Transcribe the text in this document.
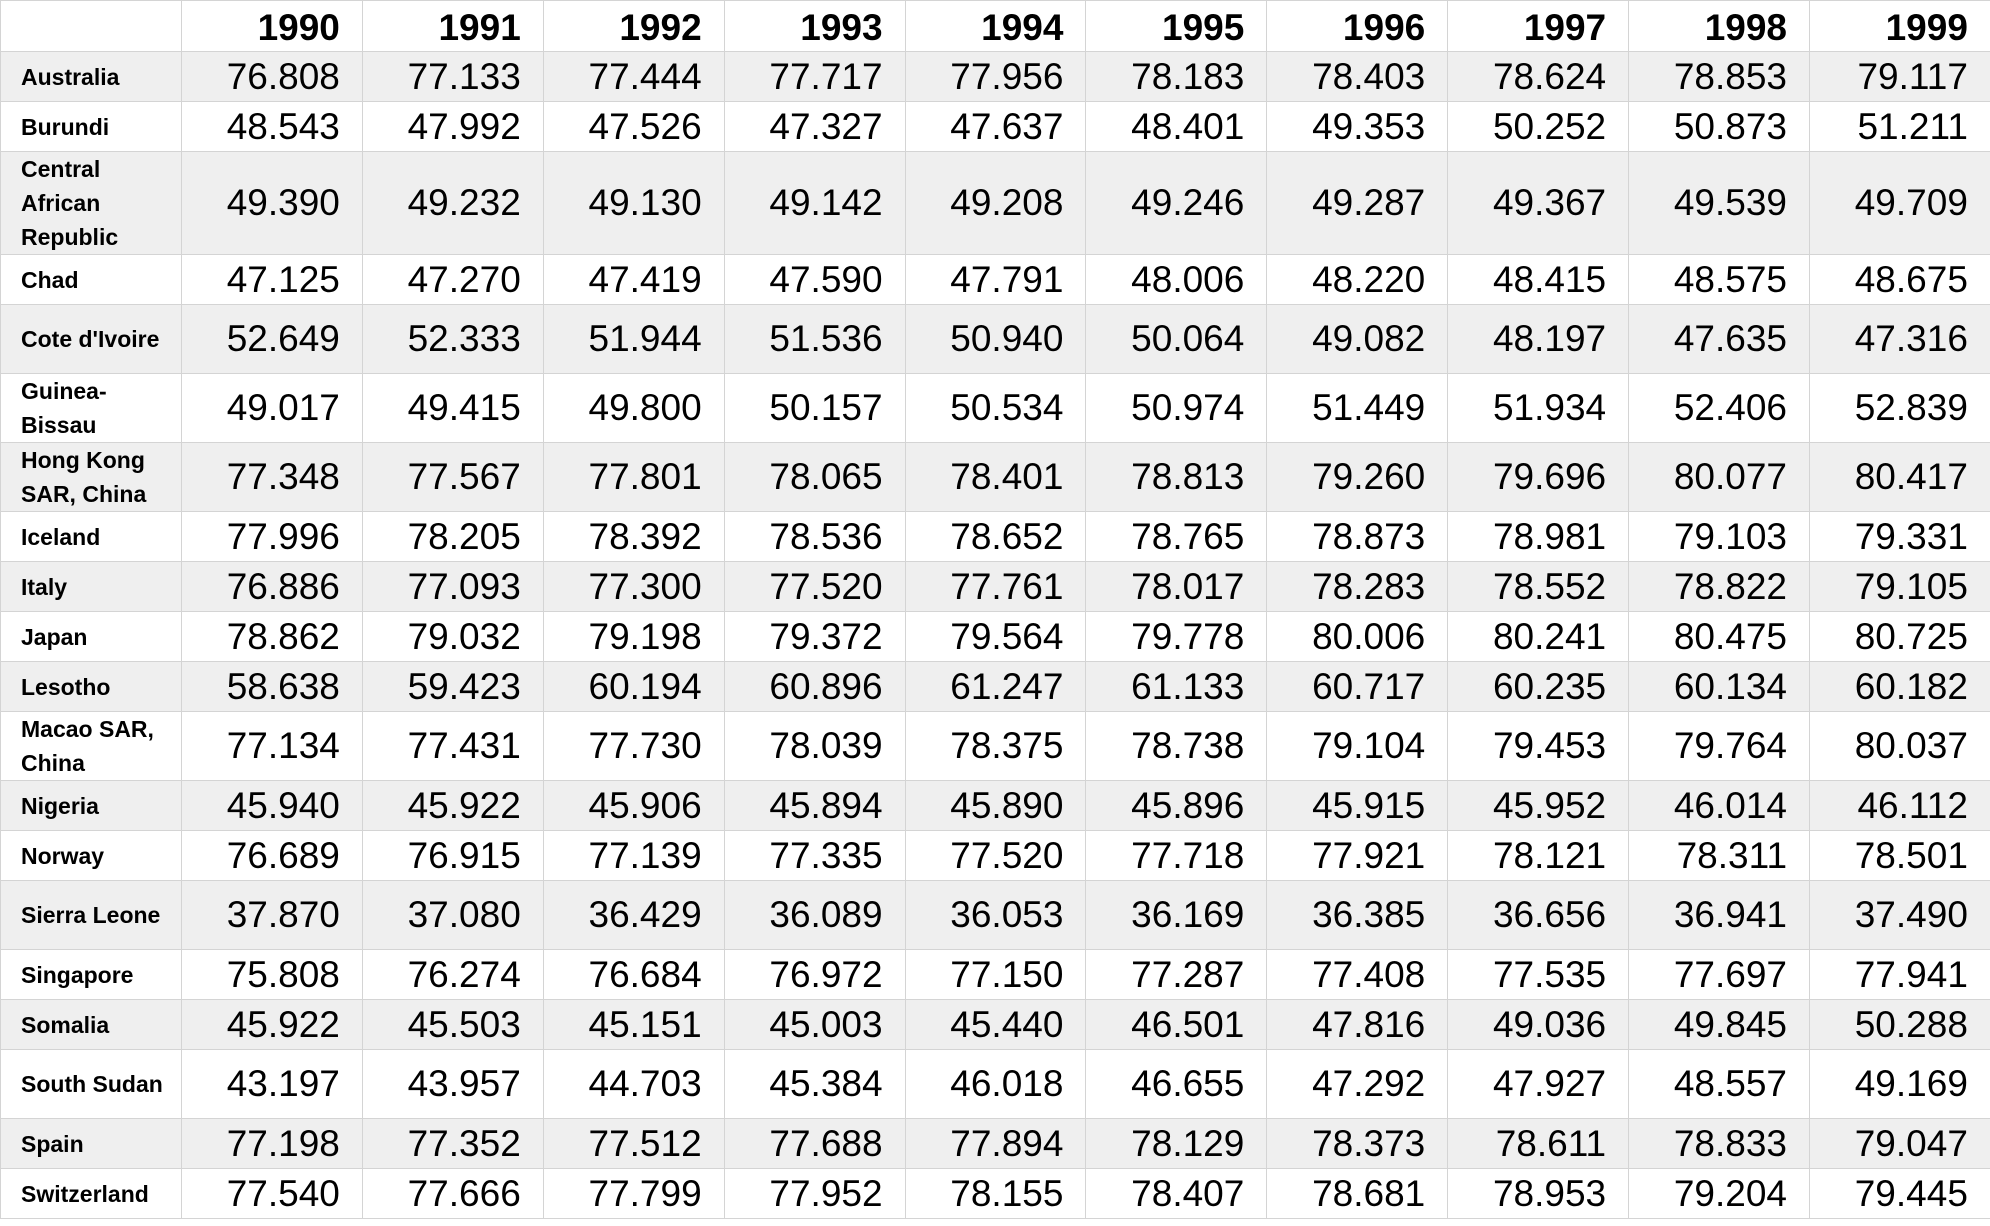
	1990	1991	1992	1993	1994	1995	1996	1997	1998	1999
Australia	76.808	77.133	77.444	77.717	77.956	78.183	78.403	78.624	78.853	79.117
Burundi	48.543	47.992	47.526	47.327	47.637	48.401	49.353	50.252	50.873	51.211
Central African Republic	49.390	49.232	49.130	49.142	49.208	49.246	49.287	49.367	49.539	49.709
Chad	47.125	47.270	47.419	47.590	47.791	48.006	48.220	48.415	48.575	48.675
Cote d'Ivoire	52.649	52.333	51.944	51.536	50.940	50.064	49.082	48.197	47.635	47.316
Guinea-Bissau	49.017	49.415	49.800	50.157	50.534	50.974	51.449	51.934	52.406	52.839
Hong Kong SAR, China	77.348	77.567	77.801	78.065	78.401	78.813	79.260	79.696	80.077	80.417
Iceland	77.996	78.205	78.392	78.536	78.652	78.765	78.873	78.981	79.103	79.331
Italy	76.886	77.093	77.300	77.520	77.761	78.017	78.283	78.552	78.822	79.105
Japan	78.862	79.032	79.198	79.372	79.564	79.778	80.006	80.241	80.475	80.725
Lesotho	58.638	59.423	60.194	60.896	61.247	61.133	60.717	60.235	60.134	60.182
Macao SAR, China	77.134	77.431	77.730	78.039	78.375	78.738	79.104	79.453	79.764	80.037
Nigeria	45.940	45.922	45.906	45.894	45.890	45.896	45.915	45.952	46.014	46.112
Norway	76.689	76.915	77.139	77.335	77.520	77.718	77.921	78.121	78.311	78.501
Sierra Leone	37.870	37.080	36.429	36.089	36.053	36.169	36.385	36.656	36.941	37.490
Singapore	75.808	76.274	76.684	76.972	77.150	77.287	77.408	77.535	77.697	77.941
Somalia	45.922	45.503	45.151	45.003	45.440	46.501	47.816	49.036	49.845	50.288
South Sudan	43.197	43.957	44.703	45.384	46.018	46.655	47.292	47.927	48.557	49.169
Spain	77.198	77.352	77.512	77.688	77.894	78.129	78.373	78.611	78.833	79.047
Switzerland	77.540	77.666	77.799	77.952	78.155	78.407	78.681	78.953	79.204	79.445
